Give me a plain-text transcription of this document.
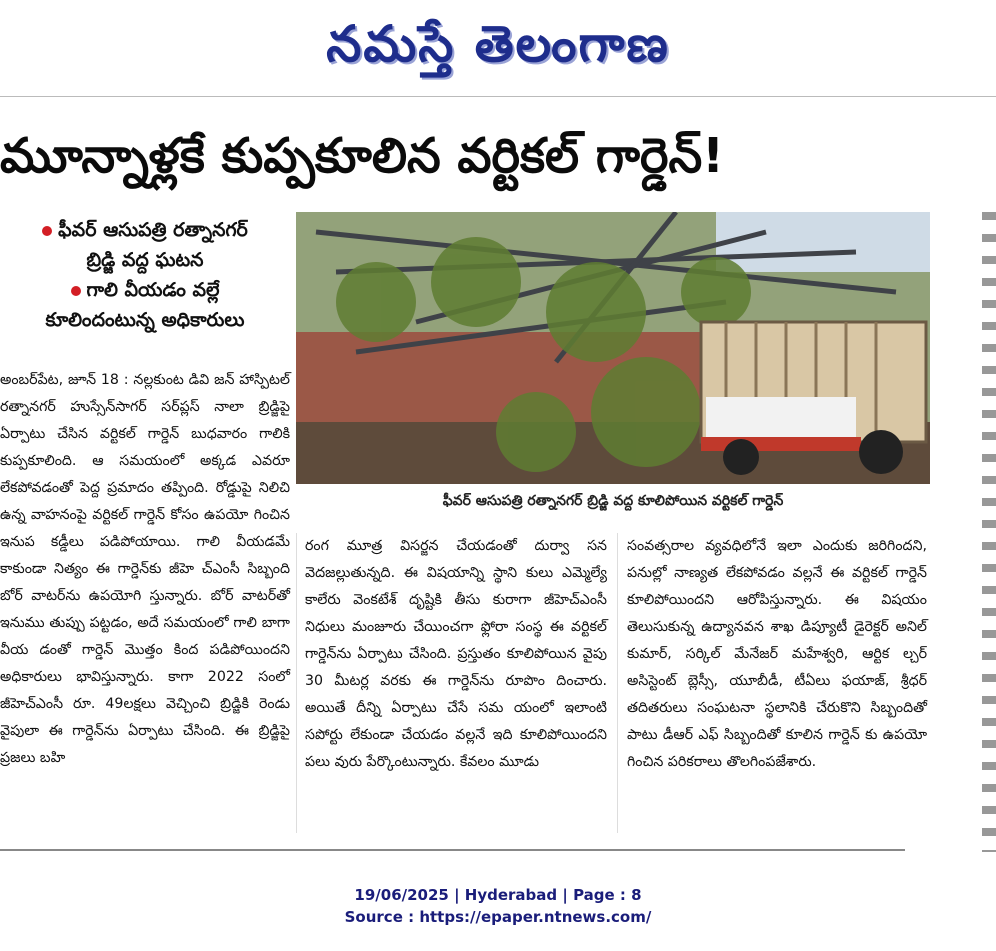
నమస్తే తెలంగాణ
మూన్నాళ్లకే కుప్పకూలిన వర్టికల్ గార్డెన్!
ఫీవర్ ఆసుపత్రి రత్నానగర్
బ్రిడ్జి వద్ద ఘటన
గాలి వీయడం వల్లే
కూలిందంటున్న అధికారులు
ఫీవర్ ఆసుపత్రి రత్నానగర్ బ్రిడ్జి వద్ద కూలిపోయిన వర్టికల్ గార్డెన్

అంబర్‌పేట, జూన్ 18 : నల్లకుంట డివి జన్ హాస్పిటల్ రత్నానగర్ హుస్సేన్‌సాగర్ సర్‌ప్లస్ నాలా బ్రిడ్జిపై ఏర్పాటు చేసిన వర్టికల్ గార్డెన్ బుధవారం గాలికి కుప్పకూలింది. ఆ సమయంలో అక్కడ ఎవరూ లేకపోవడంతో పెద్ద ప్రమాదం తప్పింది. రోడ్డుపై నిలిచి ఉన్న వాహనంపై వర్టికల్ గార్డెన్ కోసం ఉపయో గించిన ఇనుప కడ్డీలు పడిపోయాయి. గాలి వీయడమే కాకుండా నిత్యం ఈ గార్డెన్‌కు జీహె చ్ఎంసీ సిబ్బంది బోర్ వాటర్‌ను ఉపయోగి స్తున్నారు. బోర్ వాటర్‌తో ఇనుము తుప్పు పట్టడం, అదే సమయంలో గాలి బాగా వీయ డంతో గార్డెన్ మొత్తం కింద పడిపోయిందని అధికారులు భావిస్తున్నారు. కాగా 2022 సంలో జీహెచ్ఎంసీ రూ. 49లక్షలు వెచ్చించి బ్రిడ్జికి రెండు వైపులా ఈ గార్డెన్‌ను ఏర్పాటు చేసింది. ఈ బ్రిడ్జిపై ప్రజలు బహి

రంగ మూత్ర విసర్జన చేయడంతో దుర్వా సన వెదజల్లుతున్నది. ఈ విషయాన్ని స్థాని కులు ఎమ్మెల్యే కాలేరు వెంకటేశ్ దృష్టికి తీసు కురాగా జీహెచ్ఎంసీ నిధులు మంజూరు చేయించగా ఫ్లోరా సంస్థ ఈ వర్టికల్ గార్డెన్‌ను ఏర్పాటు చేసింది. ప్రస్తుతం కూలిపోయిన వైపు 30 మీటర్ల వరకు ఈ గార్డెన్‌ను రూపొం దించారు. అయితే దీన్ని ఏర్పాటు చేసే సమ యంలో ఇలాంటి సపోర్టు లేకుండా చేయడం వల్లనే ఇది కూలిపోయిందని పలు వురు పేర్కొంటున్నారు. కేవలం మూడు

సంవత్సరాల వ్యవధిలోనే ఇలా ఎందుకు జరిగిందని, పనుల్లో నాణ్యత లేకపోవడం వల్లనే ఈ వర్టికల్ గార్డెన్ కూలిపోయిందని ఆరోపిస్తున్నారు. ఈ విషయం తెలుసుకున్న ఉద్యానవన శాఖ డిప్యూటీ డైరెక్టర్ అనిల్ కుమార్, సర్కిల్ మేనేజర్ మహేశ్వరి, ఆర్టిక ల్చర్ అసిస్టెంట్ బ్లెస్సీ, యూబీడీ, టీఏలు ఫయాజ్, శ్రీధర్ తదితరులు సంఘటనా స్థలానికి చేరుకొని సిబ్బందితో పాటు డీఆర్ ఎఫ్ సిబ్బందితో కూలిన గార్డెన్ కు ఉపయో గించిన పరికరాలు తొలగింపజేశారు.

19/06/2025 | Hyderabad | Page : 8
Source : https://epaper.ntnews.com/
